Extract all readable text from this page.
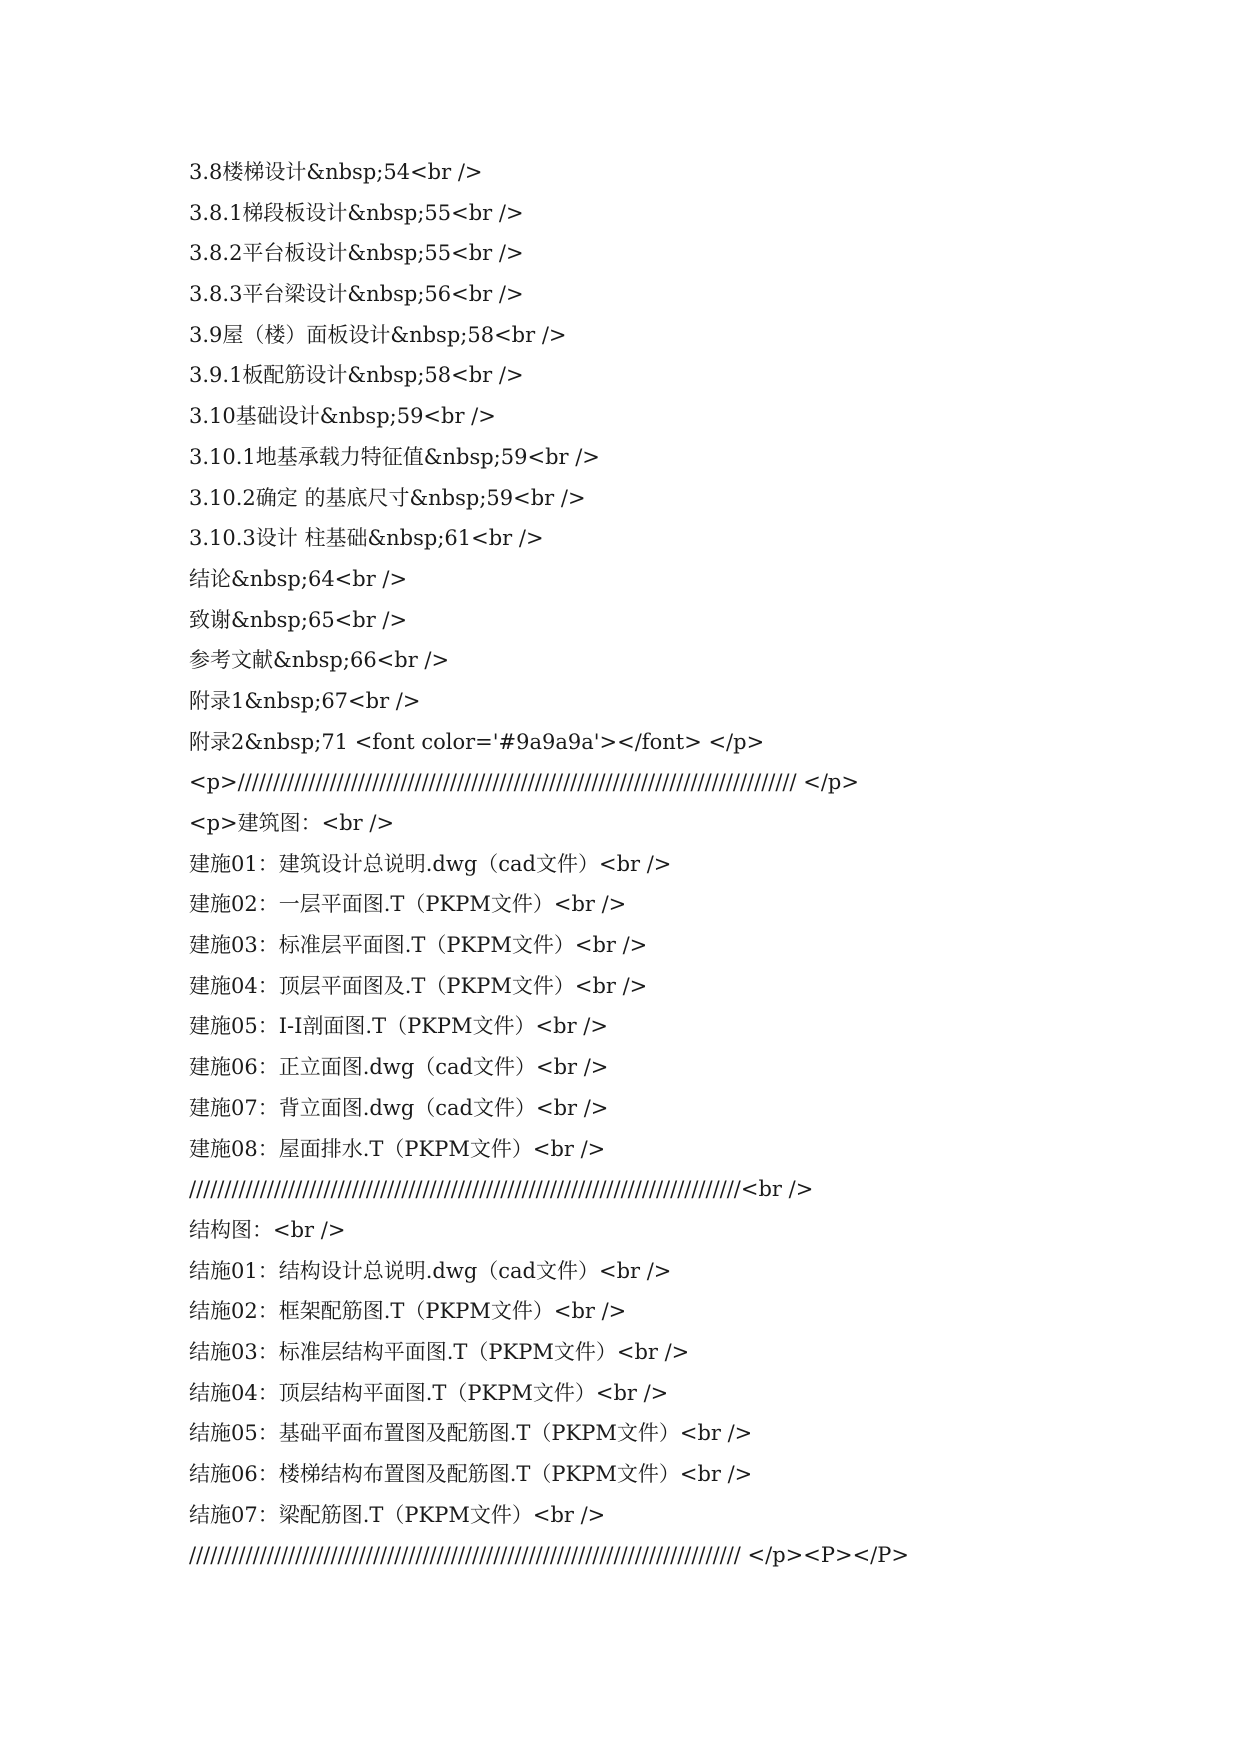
3.8楼梯设计&nbsp;54<br />
3.8.1梯段板设计&nbsp;55<br />
3.8.2平台板设计&nbsp;55<br />
3.8.3平台梁设计&nbsp;56<br />
3.9屋（楼）面板设计&nbsp;58<br />
3.9.1板配筋设计&nbsp;58<br />
3.10基础设计&nbsp;59<br />
3.10.1地基承载力特征值&nbsp;59<br />
3.10.2确定 的基底尺寸&nbsp;59<br />
3.10.3设计 柱基础&nbsp;61<br />
结论&nbsp;64<br />
致谢&nbsp;65<br />
参考文献&nbsp;66<br />
附录1&nbsp;67<br />
附录2&nbsp;71 <font color='#9a9a9a'></font> </p>
<p>/////////////////////////////////////////////////////////////////////////////// </p>
<p>建筑图：<br />
建施01：建筑设计总说明.dwg（cad文件）<br />
建施02：一层平面图.T（PKPM文件）<br />
建施03：标准层平面图.T（PKPM文件）<br />
建施04：顶层平面图及.T（PKPM文件）<br />
建施05：I-I剖面图.T（PKPM文件）<br />
建施06：正立面图.dwg（cad文件）<br />
建施07：背立面图.dwg（cad文件）<br />
建施08：屋面排水.T（PKPM文件）<br />
//////////////////////////////////////////////////////////////////////////////<br />
结构图：<br />
结施01：结构设计总说明.dwg（cad文件）<br />
结施02：框架配筋图.T（PKPM文件）<br />
结施03：标准层结构平面图.T（PKPM文件）<br />
结施04：顶层结构平面图.T（PKPM文件）<br />
结施05：基础平面布置图及配筋图.T（PKPM文件）<br />
结施06：楼梯结构布置图及配筋图.T（PKPM文件）<br />
结施07：梁配筋图.T（PKPM文件）<br />
////////////////////////////////////////////////////////////////////////////// </p><P></P>
